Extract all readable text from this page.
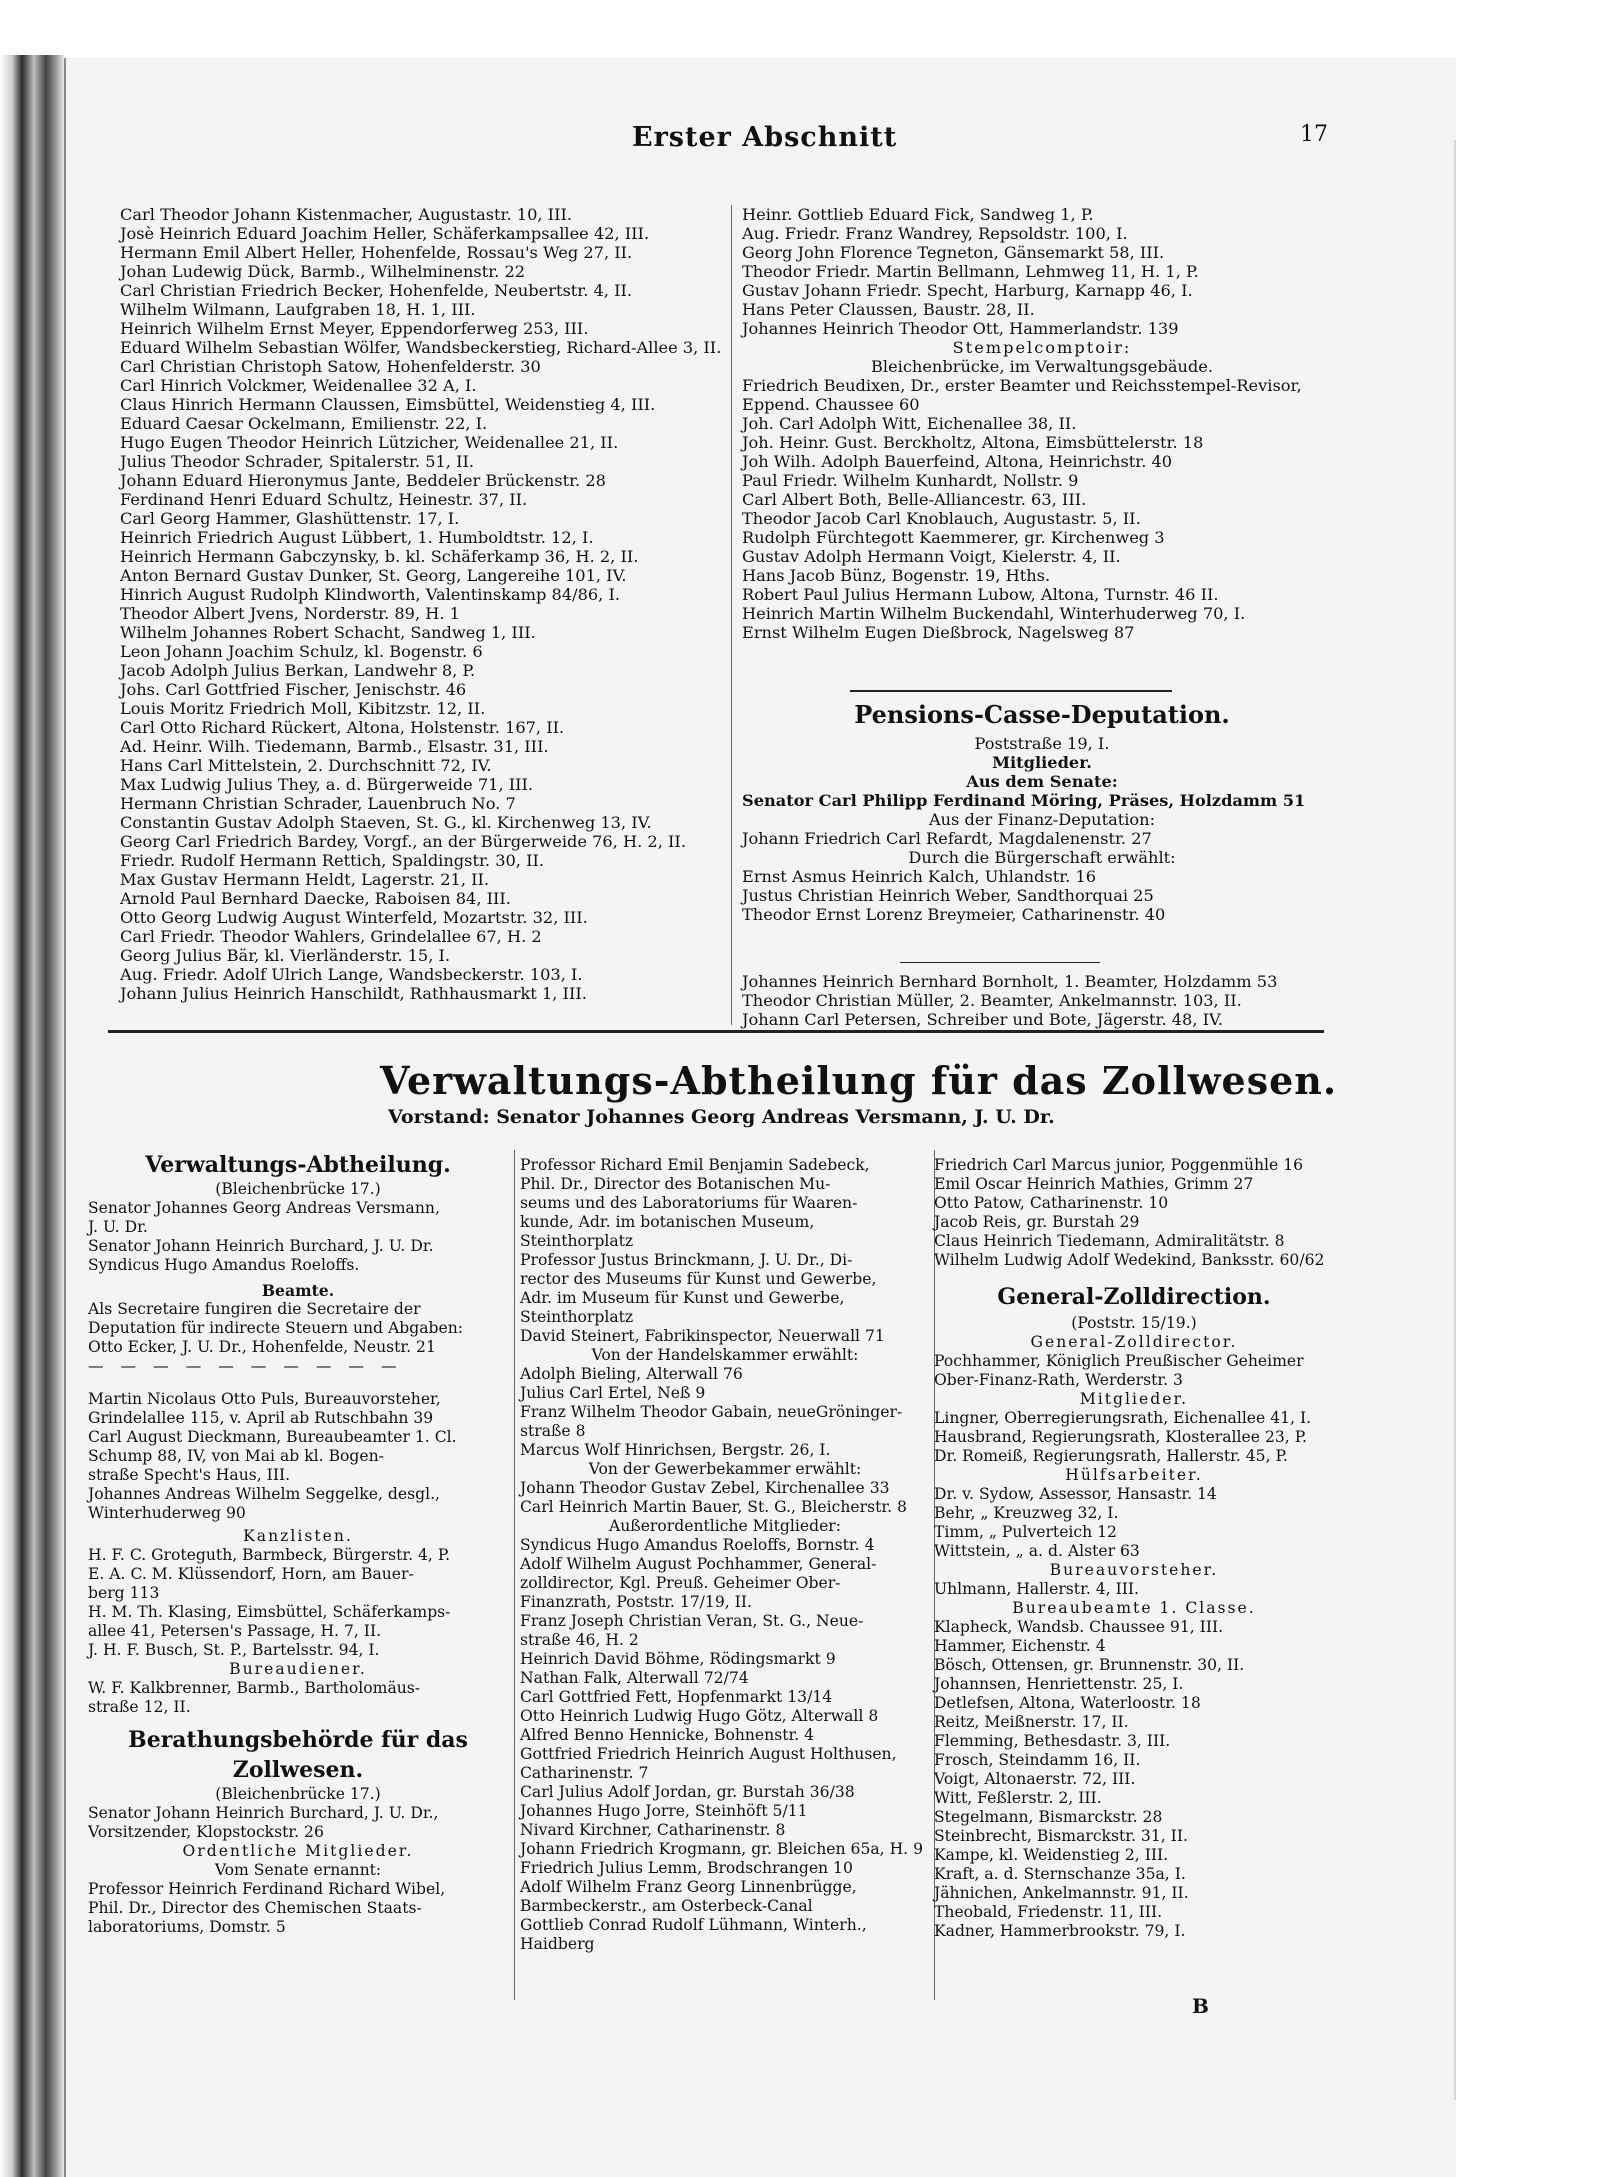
Erster Abschnitt	17
Carl Theodor Johann Kistenmacher, Augustastr. 10, III.
Josè Heinrich Eduard Joachim Heller, Schäferkampsallee 42, III.
Hermann Emil Albert Heller, Hohenfelde, Rossau's Weg 27, II.
Johan Ludewig Dück, Barmb., Wilhelminenstr. 22
Carl Christian Friedrich Becker, Hohenfelde, Neubertstr. 4, II.
Wilhelm Wilmann, Laufgraben 18, H. 1, III.
Heinrich Wilhelm Ernst Meyer, Eppendorferweg 253, III.
Eduard Wilhelm Sebastian Wölfer, Wandsbeckerstieg, Richard-Allee 3, II.
Carl Christian Christoph Satow, Hohenfelderstr. 30
Carl Hinrich Volckmer, Weidenallee 32 A, I.
Claus Hinrich Hermann Claussen, Eimsbüttel, Weidenstieg 4, III.
Eduard Caesar Ockelmann, Emilienstr. 22, I.
Hugo Eugen Theodor Heinrich Lützicher, Weidenallee 21, II.
Julius Theodor Schrader, Spitalerstr. 51, II.
Johann Eduard Hieronymus Jante, Beddeler Brückenstr. 28
Ferdinand Henri Eduard Schultz, Heinestr. 37, II.
Carl Georg Hammer, Glashüttenstr. 17, I.
Heinrich Friedrich August Lübbert, 1. Humboldtstr. 12, I.
Heinrich Hermann Gabczynsky, b. kl. Schäferkamp 36, H. 2, II.
Anton Bernard Gustav Dunker, St. Georg, Langereihe 101, IV.
Hinrich August Rudolph Klindworth, Valentinskamp 84/86, I.
Theodor Albert Jvens, Norderstr. 89, H. 1
Wilhelm Johannes Robert Schacht, Sandweg 1, III.
Leon Johann Joachim Schulz, kl. Bogenstr. 6
Jacob Adolph Julius Berkan, Landwehr 8, P.
Johs. Carl Gottfried Fischer, Jenischstr. 46
Louis Moritz Friedrich Moll, Kibitzstr. 12, II.
Carl Otto Richard Rückert, Altona, Holstenstr. 167, II.
Ad. Heinr. Wilh. Tiedemann, Barmb., Elsastr. 31, III.
Hans Carl Mittelstein, 2. Durchschnitt 72, IV.
Max Ludwig Julius They, a. d. Bürgerweide 71, III.
Hermann Christian Schrader, Lauenbruch No. 7
Constantin Gustav Adolph Staeven, St. G., kl. Kirchenweg 13, IV.
Georg Carl Friedrich Bardey, Vorgf., an der Bürgerweide 76, H. 2, II.
Friedr. Rudolf Hermann Rettich, Spaldingstr. 30, II.
Max Gustav Hermann Heldt, Lagerstr. 21, II.
Arnold Paul Bernhard Daecke, Raboisen 84, III.
Otto Georg Ludwig August Winterfeld, Mozartstr. 32, III.
Carl Friedr. Theodor Wahlers, Grindelallee 67, H. 2
Georg Julius Bär, kl. Vierländerstr. 15, I.
Aug. Friedr. Adolf Ulrich Lange, Wandsbeckerstr. 103, I.
Johann Julius Heinrich Hanschildt, Rathhausmarkt 1, III.
Heinr. Gottlieb Eduard Fick, Sandweg 1, P.
Aug. Friedr. Franz Wandrey, Repsoldstr. 100, I.
Georg John Florence Tegneton, Gänsemarkt 58, III.
Theodor Friedr. Martin Bellmann, Lehmweg 11, H. 1, P.
Gustav Johann Friedr. Specht, Harburg, Karnapp 46, I.
Hans Peter Claussen, Baustr. 28, II.
Johannes Heinrich Theodor Ott, Hammerlandstr. 139
Stempelcomptoir:
Bleichenbrücke, im Verwaltungsgebäude.
Friedrich Beudixen, Dr., erster Beamter und Reichsstempel-Revisor,
Eppend. Chaussee 60
Joh. Carl Adolph Witt, Eichenallee 38, II.
Joh. Heinr. Gust. Berckholtz, Altona, Eimsbüttelerstr. 18
Joh Wilh. Adolph Bauerfeind, Altona, Heinrichstr. 40
Paul Friedr. Wilhelm Kunhardt, Nollstr. 9
Carl Albert Both, Belle-Alliancestr. 63, III.
Theodor Jacob Carl Knoblauch, Augustastr. 5, II.
Rudolph Fürchtegott Kaemmerer, gr. Kirchenweg 3
Gustav Adolph Hermann Voigt, Kielerstr. 4, II.
Hans Jacob Bünz, Bogenstr. 19, Hths.
Robert Paul Julius Hermann Lubow, Altona, Turnstr. 46 II.
Heinrich Martin Wilhelm Buckendahl, Winterhuderweg 70, I.
Ernst Wilhelm Eugen Dießbrock, Nagelsweg 87
Pensions-Casse-Deputation.
Poststraße 19, I.
Mitglieder.
Aus dem Senate:
Senator Carl Philipp Ferdinand Möring, Präses, Holzdamm 51
Aus der Finanz-Deputation:
Johann Friedrich Carl Refardt, Magdalenenstr. 27
Durch die Bürgerschaft erwählt:
Ernst Asmus Heinrich Kalch, Uhlandstr. 16
Justus Christian Heinrich Weber, Sandthorquai 25
Theodor Ernst Lorenz Breymeier, Catharinenstr. 40
Johannes Heinrich Bernhard Bornholt, 1. Beamter, Holzdamm 53
Theodor Christian Müller, 2. Beamter, Ankelmannstr. 103, II.
Johann Carl Petersen, Schreiber und Bote, Jägerstr. 48, IV.
Verwaltungs-Abtheilung für das Zollwesen.
Vorstand: Senator Johannes Georg Andreas Versmann, J. U. Dr.
Verwaltungs-Abtheilung.
(Bleichenbrücke 17.)
Senator Johannes Georg Andreas Versmann,
J. U. Dr.
Senator Johann Heinrich Burchard, J. U. Dr.
Syndicus Hugo Amandus Roeloffs.
Beamte.
Als Secretaire fungiren die Secretaire der
Deputation für indirecte Steuern und Abgaben:
Otto Ecker, J. U. Dr., Hohenfelde, Neustr. 21
— — — — — — — — — —
Martin Nicolaus Otto Puls, Bureauvorsteher,
Grindelallee 115, v. April ab Rutschbahn 39
Carl August Dieckmann, Bureaubeamter 1. Cl.
Schump 88, IV, von Mai ab kl. Bogen-
straße Specht's Haus, III.
Johannes Andreas Wilhelm Seggelke, desgl.,
Winterhuderweg 90
Kanzlisten.
H. F. C. Groteguth, Barmbeck, Bürgerstr. 4, P.
E. A. C. M. Klüssendorf, Horn, am Bauer-
berg 113
H. M. Th. Klasing, Eimsbüttel, Schäferkamps-
allee 41, Petersen's Passage, H. 7, II.
J. H. F. Busch, St. P., Bartelsstr. 94, I.
Bureaudiener.
W. F. Kalkbrenner, Barmb., Bartholomäus-
straße 12, II.
Berathungsbehörde für das
Zollwesen.
(Bleichenbrücke 17.)
Senator Johann Heinrich Burchard, J. U. Dr.,
Vorsitzender, Klopstockstr. 26
Ordentliche Mitglieder.
Vom Senate ernannt:
Professor Heinrich Ferdinand Richard Wibel,
Phil. Dr., Director des Chemischen Staats-
laboratoriums, Domstr. 5
Professor Richard Emil Benjamin Sadebeck,
Phil. Dr., Director des Botanischen Mu-
seums und des Laboratoriums für Waaren-
kunde, Adr. im botanischen Museum,
Steinthorplatz
Professor Justus Brinckmann, J. U. Dr., Di-
rector des Museums für Kunst und Gewerbe,
Adr. im Museum für Kunst und Gewerbe,
Steinthorplatz
David Steinert, Fabrikinspector, Neuerwall 71
Von der Handelskammer erwählt:
Adolph Bieling, Alterwall 76
Julius Carl Ertel, Neß 9
Franz Wilhelm Theodor Gabain, neueGröninger-
straße 8
Marcus Wolf Hinrichsen, Bergstr. 26, I.
Von der Gewerbekammer erwählt:
Johann Theodor Gustav Zebel, Kirchenallee 33
Carl Heinrich Martin Bauer, St. G., Bleicherstr. 8
Außerordentliche Mitglieder:
Syndicus Hugo Amandus Roeloffs, Bornstr. 4
Adolf Wilhelm August Pochhammer, General-
zolldirector, Kgl. Preuß. Geheimer Ober-
Finanzrath, Poststr. 17/19, II.
Franz Joseph Christian Veran, St. G., Neue-
straße 46, H. 2
Heinrich David Böhme, Rödingsmarkt 9
Nathan Falk, Alterwall 72/74
Carl Gottfried Fett, Hopfenmarkt 13/14
Otto Heinrich Ludwig Hugo Götz, Alterwall 8
Alfred Benno Hennicke, Bohnenstr. 4
Gottfried Friedrich Heinrich August Holthusen,
Catharinenstr. 7
Carl Julius Adolf Jordan, gr. Burstah 36/38
Johannes Hugo Jorre, Steinhöft 5/11
Nivard Kirchner, Catharinenstr. 8
Johann Friedrich Krogmann, gr. Bleichen 65a, H. 9
Friedrich Julius Lemm, Brodschrangen 10
Adolf Wilhelm Franz Georg Linnenbrügge,
Barmbeckerstr., am Osterbeck-Canal
Gottlieb Conrad Rudolf Lühmann, Winterh.,
Haidberg
Friedrich Carl Marcus junior, Poggenmühle 16
Emil Oscar Heinrich Mathies, Grimm 27
Otto Patow, Catharinenstr. 10
Jacob Reis, gr. Burstah 29
Claus Heinrich Tiedemann, Admiralitätstr. 8
Wilhelm Ludwig Adolf Wedekind, Banksstr. 60/62
General-Zolldirection.
(Poststr. 15/19.)
General-Zolldirector.
Pochhammer, Königlich Preußischer Geheimer
Ober-Finanz-Rath, Werderstr. 3
Mitglieder.
Lingner, Oberregierungsrath, Eichenallee 41, I.
Hausbrand, Regierungsrath, Klosterallee 23, P.
Dr. Romeiß, Regierungsrath, Hallerstr. 45, P.
Hülfsarbeiter.
Dr. v. Sydow, Assessor, Hansastr. 14
Behr, „ Kreuzweg 32, I.
Timm, „ Pulverteich 12
Wittstein, „ a. d. Alster 63
Bureauvorsteher.
Uhlmann, Hallerstr. 4, III.
Bureaubeamte 1. Classe.
Klapheck, Wandsb. Chaussee 91, III.
Hammer, Eichenstr. 4
Bösch, Ottensen, gr. Brunnenstr. 30, II.
Johannsen, Henriettenstr. 25, I.
Detlefsen, Altona, Waterloostr. 18
Reitz, Meißnerstr. 17, II.
Flemming, Bethesdastr. 3, III.
Frosch, Steindamm 16, II.
Voigt, Altonaerstr. 72, III.
Witt, Feßlerstr. 2, III.
Stegelmann, Bismarckstr. 28
Steinbrecht, Bismarckstr. 31, II.
Kampe, kl. Weidenstieg 2, III.
Kraft, a. d. Sternschanze 35a, I.
Jähnichen, Ankelmannstr. 91, II.
Theobald, Friedenstr. 11, III.
Kadner, Hammerbrookstr. 79, I.
B
